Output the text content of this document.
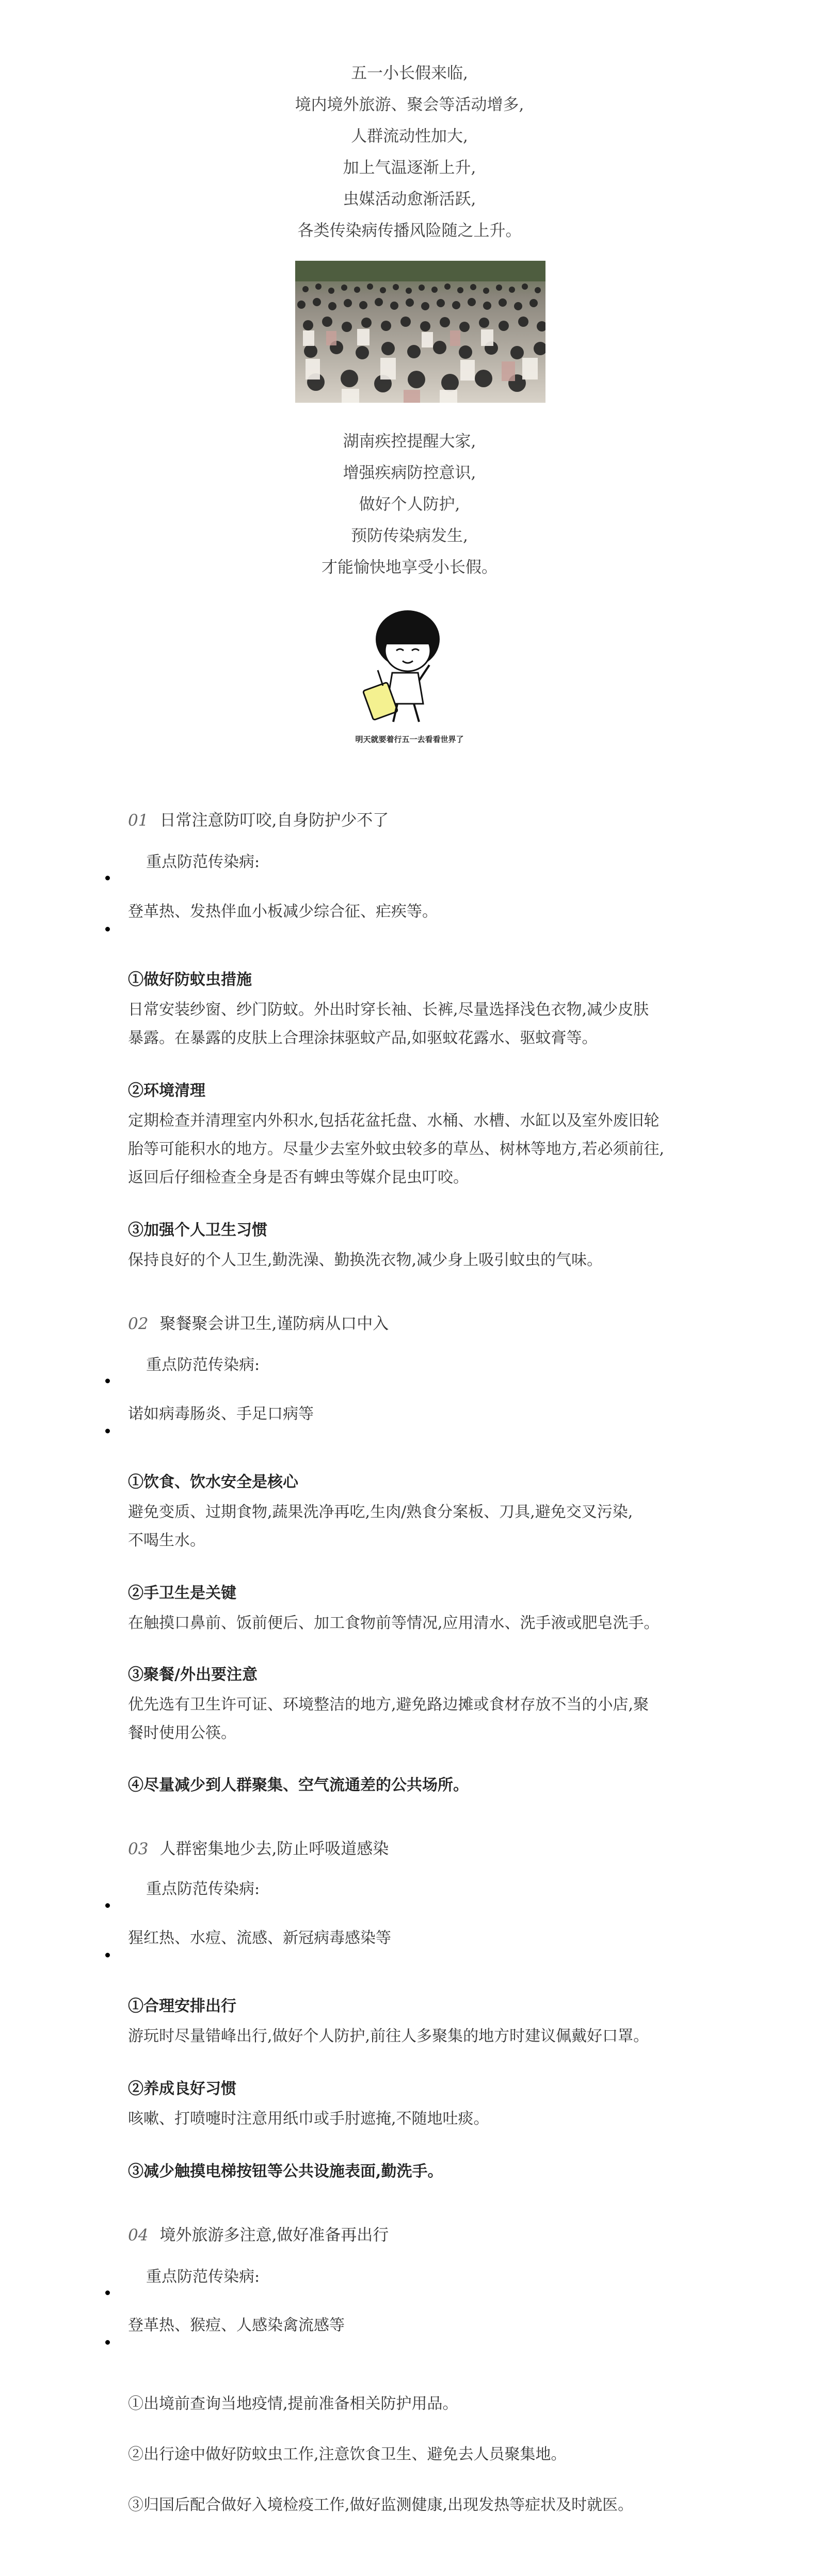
五一小长假来临,
境内境外旅游、聚会等活动增多,
人群流动性加大,
加上气温逐渐上升,
虫媒活动愈渐活跃,
各类传染病传播风险随之上升。
湖南疾控提醒大家,
增强疾病防控意识,
做好个人防护,
预防传染病发生,
才能愉快地享受小长假。
明天就要着行五一去看看世界了
01 日常注意防叮咬,自身防护少不了
重点防范传染病:
登革热、发热伴血小板减少综合征、疟疾等。
①做好防蚊虫措施
日常安装纱窗、纱门防蚊。外出时穿长袖、长裤,尽量选择浅色衣物,减少皮肤
暴露。在暴露的皮肤上合理涂抹驱蚊产品,如驱蚊花露水、驱蚊膏等。
②环境清理
定期检查并清理室内外积水,包括花盆托盘、水桶、水槽、水缸以及室外废旧轮
胎等可能积水的地方。尽量少去室外蚊虫较多的草丛、树林等地方,若必须前往,
返回后仔细检查全身是否有蜱虫等媒介昆虫叮咬。
③加强个人卫生习惯
保持良好的个人卫生,勤洗澡、勤换洗衣物,减少身上吸引蚊虫的气味。
02 聚餐聚会讲卫生,谨防病从口中入
重点防范传染病:
诺如病毒肠炎、手足口病等
①饮食、饮水安全是核心
避免变质、过期食物,蔬果洗净再吃,生肉/熟食分案板、刀具,避免交叉污染,
不喝生水。
②手卫生是关键
在触摸口鼻前、饭前便后、加工食物前等情况,应用清水、洗手液或肥皂洗手。
③聚餐/外出要注意
优先选有卫生许可证、环境整洁的地方,避免路边摊或食材存放不当的小店,聚
餐时使用公筷。
④尽量减少到人群聚集、空气流通差的公共场所。
03 人群密集地少去,防止呼吸道感染
重点防范传染病:
猩红热、水痘、流感、新冠病毒感染等
①合理安排出行
游玩时尽量错峰出行,做好个人防护,前往人多聚集的地方时建议佩戴好口罩。
②养成良好习惯
咳嗽、打喷嚏时注意用纸巾或手肘遮掩,不随地吐痰。
③减少触摸电梯按钮等公共设施表面,勤洗手。
04 境外旅游多注意,做好准备再出行
重点防范传染病:
登革热、猴痘、人感染禽流感等
①出境前查询当地疫情,提前准备相关防护用品。
②出行途中做好防蚊虫工作,注意饮食卫生、避免去人员聚集地。
③归国后配合做好入境检疫工作,做好监测健康,出现发热等症状及时就医。
